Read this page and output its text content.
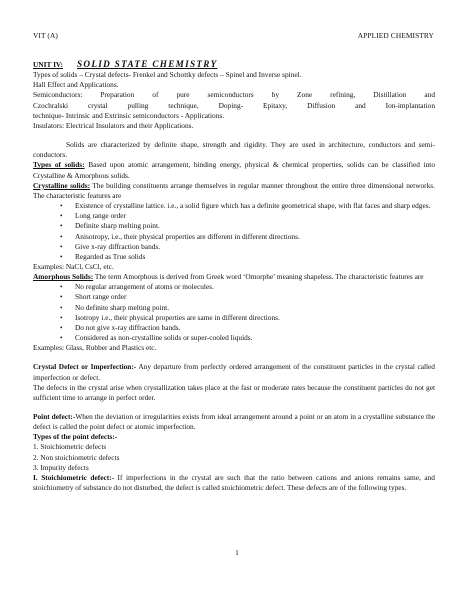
VIT (A)	APPLIED CHEMISTRY

UNIT IV: SOLID STATE CHEMISTRY

Types of solids – Crystal defects- Frenkel and Schottky defects – Spinel and Inverse spinel.

Hall Effect and Applications.

Semiconductors: Preparation of pure semiconductors by Zone refining, Distillation and

Czochralski crystal pulling technique, Doping- Epitaxy, Diffusion and Ion-implantation

technique- Intrinsic and Extrinsic semiconductors - Applications.

Insulators: Electrical Insulators and their Applications.

Solids are characterized by definite shape, strength and rigidity. They are used in architecture, conductors and semi-conductors.

Types of solids: Based upon atomic arrangement, binding energy, physical & chemical properties, solids can be classified into Crystalline & Amorphous solids.

Crystalline solids: The building constituents arrange themselves in regular manner throughout the entire three dimensional networks. The characteristic features are

• Existence of crystalline lattice. i.e., a solid figure which has a definite geometrical shape, with flat faces and sharp edges.
• Long range order
• Definite sharp melting point.
• Anisotropy, i.e., their physical properties are different in different directions.
• Give x-ray diffraction bands.
• Regarded as True solids

Examples: NaCl, CsCl, etc.

Amorphous Solids: The term Amorphous is derived from Greek word ‘Omorphe’ meaning shapeless. The characteristic features are

• No regular arrangement of atoms or molecules.
• Short range order
• No definite sharp melting point.
• Isotropy i.e., their physical properties are same in different directions.
• Do not give x-ray diffraction bands.
• Considered as non-crystalline solids or super-cooled liquids.

Examples: Glass, Rubber and Plastics etc.

Crystal Defect or Imperfection:- Any departure from perfectly ordered arrangement of the constituent particles in the crystal called imperfection or defect.

The defects in the crystal arise when crystallization takes place at the fast or moderate rates because the constituent particles do not get sufficient time to arrange in perfect order.

Point defect:-When the deviation or irregularities exists from ideal arrangement around a point or an atom in a crystalline substance the defect is called the point defect or atomic imperfection.

Types of the point defects:-

1. Stoichiometric defects

2. Non stoichiometric defects

3. Impurity defects

I. Stoichiometric defect:- If imperfections in the crystal are such that the ratio between cations and anions remains same, and stoichiometry of substance do not disturbed, the defect is called stoichiometric defect. These defects are of the following types.

1
